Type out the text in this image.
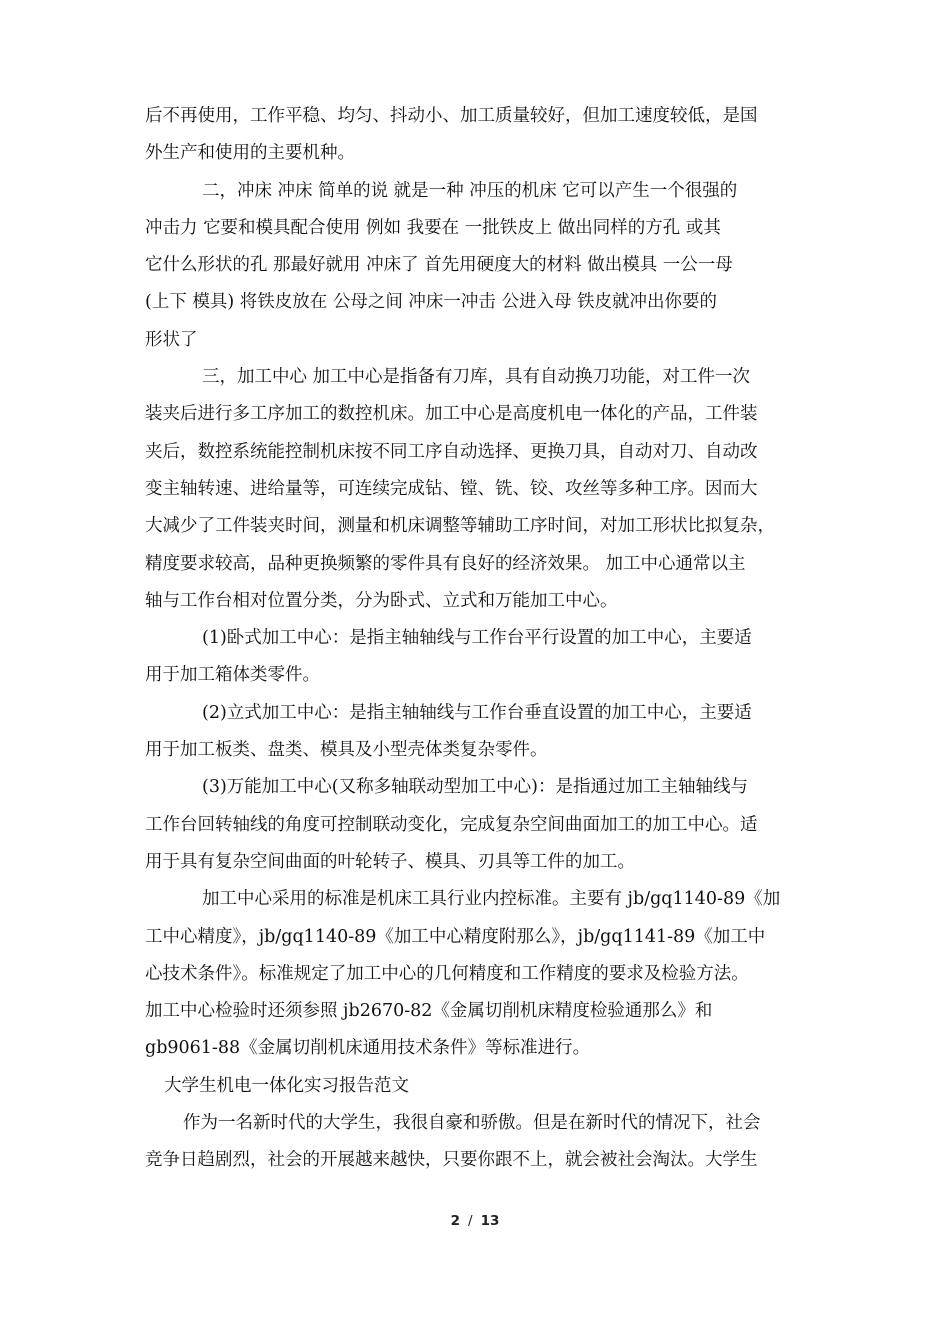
后不再使用，工作平稳、均匀、抖动小、加工质量较好，但加工速度较低，是国
外生产和使用的主要机种。
二，冲床 冲床 简单的说 就是一种 冲压的机床 它可以产生一个很强的
冲击力 它要和模具配合使用 例如 我要在 一批铁皮上 做出同样的方孔 或其
它什么形状的孔 那最好就用 冲床了 首先用硬度大的材料 做出模具 一公一母
(上下 模具) 将铁皮放在 公母之间 冲床一冲击 公进入母 铁皮就冲出你要的
形状了
三，加工中心 加工中心是指备有刀库，具有自动换刀功能，对工件一次
装夹后进行多工序加工的数控机床。加工中心是高度机电一体化的产品，工件装
夹后，数控系统能控制机床按不同工序自动选择、更换刀具，自动对刀、自动改
变主轴转速、进给量等，可连续完成钻、镗、铣、铰、攻丝等多种工序。因而大
大减少了工件装夹时间，测量和机床调整等辅助工序时间，对加工形状比拟复杂，
精度要求较高，品种更换频繁的零件具有良好的经济效果。 加工中心通常以主
轴与工作台相对位置分类，分为卧式、立式和万能加工中心。
(1)卧式加工中心：是指主轴轴线与工作台平行设置的加工中心，主要适
用于加工箱体类零件。
(2)立式加工中心：是指主轴轴线与工作台垂直设置的加工中心，主要适
用于加工板类、盘类、模具及小型壳体类复杂零件。
(3)万能加工中心(又称多轴联动型加工中心)：是指通过加工主轴轴线与
工作台回转轴线的角度可控制联动变化，完成复杂空间曲面加工的加工中心。适
用于具有复杂空间曲面的叶轮转子、模具、刃具等工件的加工。
加工中心采用的标准是机床工具行业内控标准。主要有 jb/gq1140-89《加
工中心精度》，jb/gq1140-89《加工中心精度附那么》，jb/gq1141-89《加工中
心技术条件》。标准规定了加工中心的几何精度和工作精度的要求及检验方法。
加工中心检验时还须参照 jb2670-82《金属切削机床精度检验通那么》和
gb9061-88《金属切削机床通用技术条件》等标准进行。
大学生机电一体化实习报告范文
作为一名新时代的大学生，我很自豪和骄傲。但是在新时代的情况下，社会
竞争日趋剧烈，社会的开展越来越快，只要你跟不上，就会被社会淘汰。大学生
2 / 13
